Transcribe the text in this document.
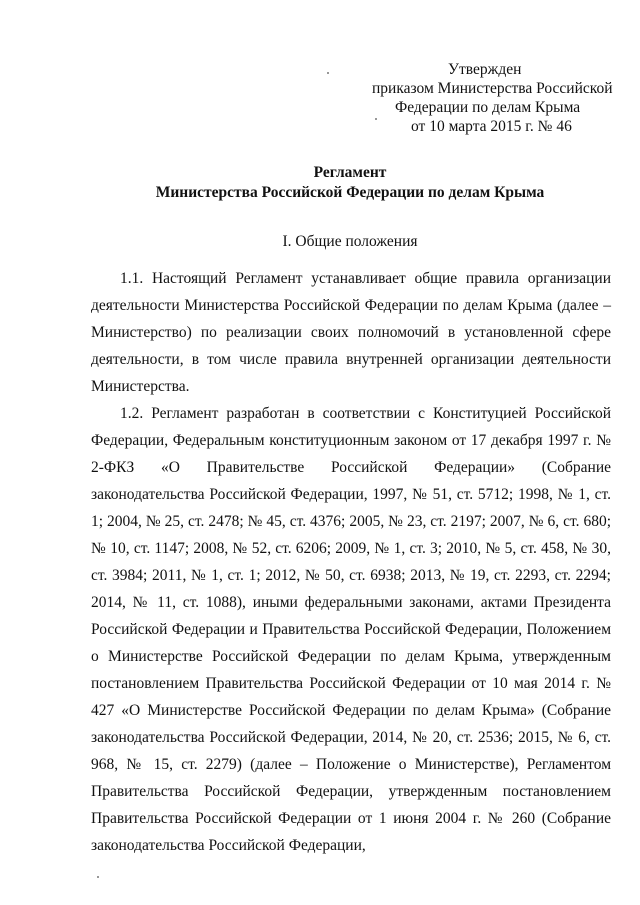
Утвержден
приказом Министерства Российской
Федерации по делам Крыма
от 10 марта 2015 г. № 46
Регламент
Министерства Российской Федерации по делам Крыма
I. Общие положения

1.1. Настоящий Регламент устанавливает общие правила организации деятельности Министерства Российской Федерации по делам Крыма (далее – Министерство) по реализации своих полномочий в установленной сфере деятельности, в том числе правила внутренней организации деятельности Министерства.

1.2. Регламент разработан в соответствии с Конституцией Российской Федерации, Федеральным конституционным законом от 17 декабря 1997 г. № 2-ФКЗ «О Правительстве Российской Федерации» (Собрание законодательства Российской Федерации, 1997, № 51, ст. 5712; 1998, № 1, ст. 1; 2004, № 25, ст. 2478; № 45, ст. 4376; 2005, № 23, ст. 2197; 2007, № 6, ст. 680; № 10, ст. 1147; 2008, № 52, ст. 6206; 2009, № 1, ст. 3; 2010, № 5, ст. 458, № 30, ст. 3984; 2011, № 1, ст. 1; 2012, № 50, ст. 6938; 2013, № 19, ст. 2293, ст. 2294; 2014, № 11, ст. 1088), иными федеральными законами, актами Президента Российской Федерации и Правительства Российской Федерации, Положением о Министерстве Российской Федерации по делам Крыма, утвержденным постановлением Правительства Российской Федерации от 10 мая 2014 г. № 427 «О Министерстве Российской Федерации по делам Крыма» (Собрание законодательства Российской Федерации, 2014, № 20, ст. 2536; 2015, № 6, ст. 968, № 15, ст. 2279) (далее – Положение о Министерстве), Регламентом Правительства Российской Федерации, утвержденным постановлением Правительства Российской Федерации от 1 июня 2004 г. № 260 (Собрание законодательства Российской Федерации,
